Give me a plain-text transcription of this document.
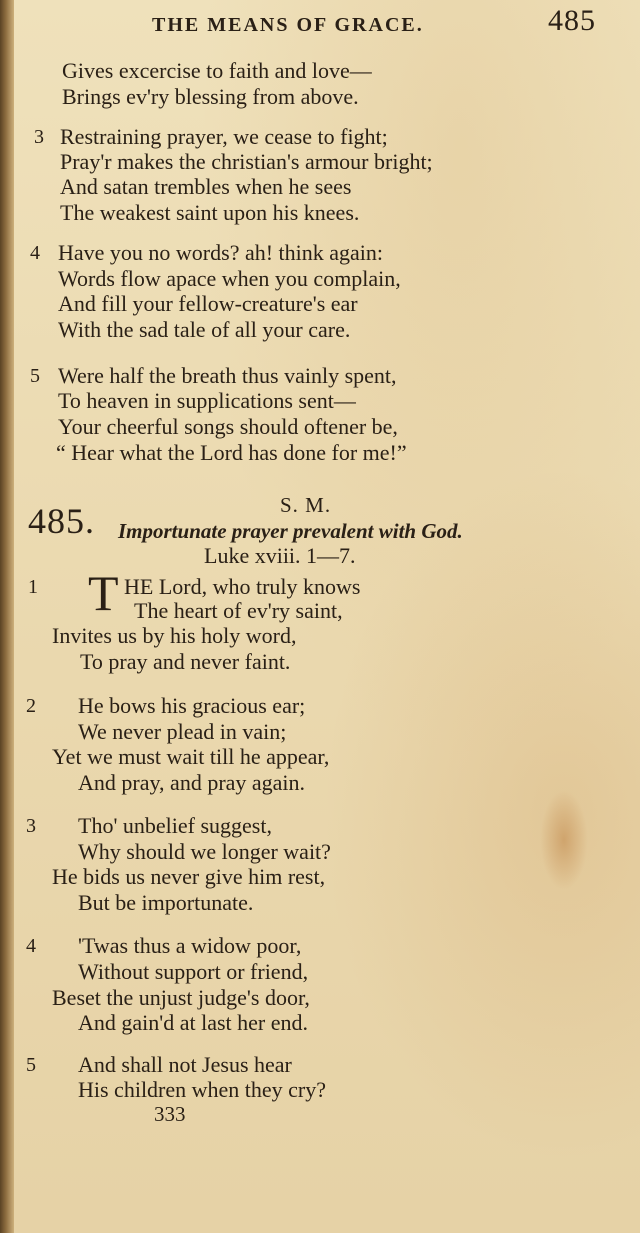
THE MEANS OF GRACE.	485
Gives excercise to faith and love—
Brings ev'ry blessing from above.
3 Restraining prayer, we cease to fight;
Pray'r makes the christian's armour bright;
And satan trembles when he sees
The weakest saint upon his knees.
4 Have you no words? ah! think again:
Words flow apace when you complain,
And fill your fellow-creature's ear
With the sad tale of all your care.
5 Were half the breath thus vainly spent,
To heaven in supplications sent—
Your cheerful songs should oftener be,
“ Hear what the Lord has done for me!”
485.	S. M.
Importunate prayer prevalent with God.
Luke xviii. 1—7.
1 T HE Lord, who truly knows
The heart of ev'ry saint,
Invites us by his holy word,
To pray and never faint.
2 He bows his gracious ear;
We never plead in vain;
Yet we must wait till he appear,
And pray, and pray again.
3 Tho' unbelief suggest,
Why should we longer wait?
He bids us never give him rest,
But be importunate.
4 'Twas thus a widow poor,
Without support or friend,
Beset the unjust judge's door,
And gain'd at last her end.
5 And shall not Jesus hear
His children when they cry?
333
